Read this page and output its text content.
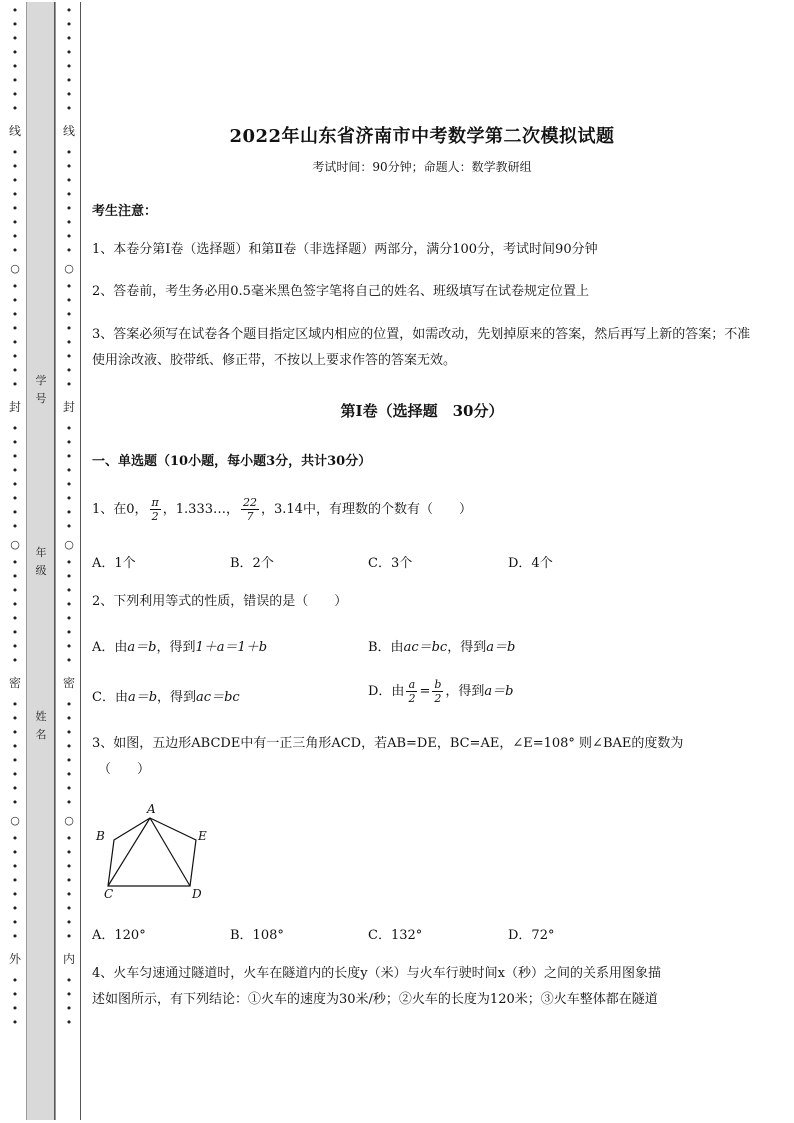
•
•
•
•
•
•
•
•
线
•
•
•
•
•
•
•
•
○
•
•
•
•
•
•
•
•
封
•
•
•
•
•
•
•
•
○
•
•
•
•
•
•
•
•
密
•
•
•
•
•
•
•
•
○
•
•
•
•
•
•
•
•
外
•
•
•
•
•
•
•
•
•
•
•
•
线
•
•
•
•
•
•
•
•
○
•
•
•
•
•
•
•
•
封
•
•
•
•
•
•
•
•
○
•
•
•
•
•
•
•
•
密
•
•
•
•
•
•
•
•
○
•
•
•
•
•
•
•
•
内
•
•
•
•
学
号
年
级
姓
名
2022年山东省济南市中考数学第二次模拟试题
考试时间：90分钟；命题人：数学教研组
考生注意：
1、本卷分第I卷（选择题）和第Ⅱ卷（非选择题）两部分，满分100分，考试时间90分钟
2、答卷前，考生务必用0.5毫米黑色签字笔将自己的姓名、班级填写在试卷规定位置上
3、答案必须写在试卷各个题目指定区域内相应的位置，如需改动，先划掉原来的答案，然后再写上新的答案；不准使用涂改液、胶带纸、修正带，不按以上要求作答的答案无效。
第I卷（选择题　30分）
一、单选题（10小题，每小题3分，共计30分）
1、在0， $\frac{\pi}{2}$ ，1.333…， $\frac{22}{7}$ ，3.14中，有理数的个数有（　　）
A．1个	B．2个	C．3个	D．4个
2、下列利用等式的性质，错误的是（　　）
A．由a＝b，得到1＋a＝1＋b	B．由ac＝bc，得到a＝b
C．由a＝b，得到ac＝bc	D．由 $\frac{a}{2} = \frac{b}{2}$ ，得到a＝b
3、如图，五边形ABCDE中有一正三角形ACD，若AB=DE，BC=AE，∠E=108° 则∠BAE的度数为
（　　）
A
B
C	D
E
A．120°	B．108°	C．132°	D．72°
4、火车匀速通过隧道时，火车在隧道内的长度y（米）与火车行驶时间x（秒）之间的关系用图象描
述如图所示，有下列结论：①火车的速度为30米/秒；②火车的长度为120米；③火车整体都在隧道
